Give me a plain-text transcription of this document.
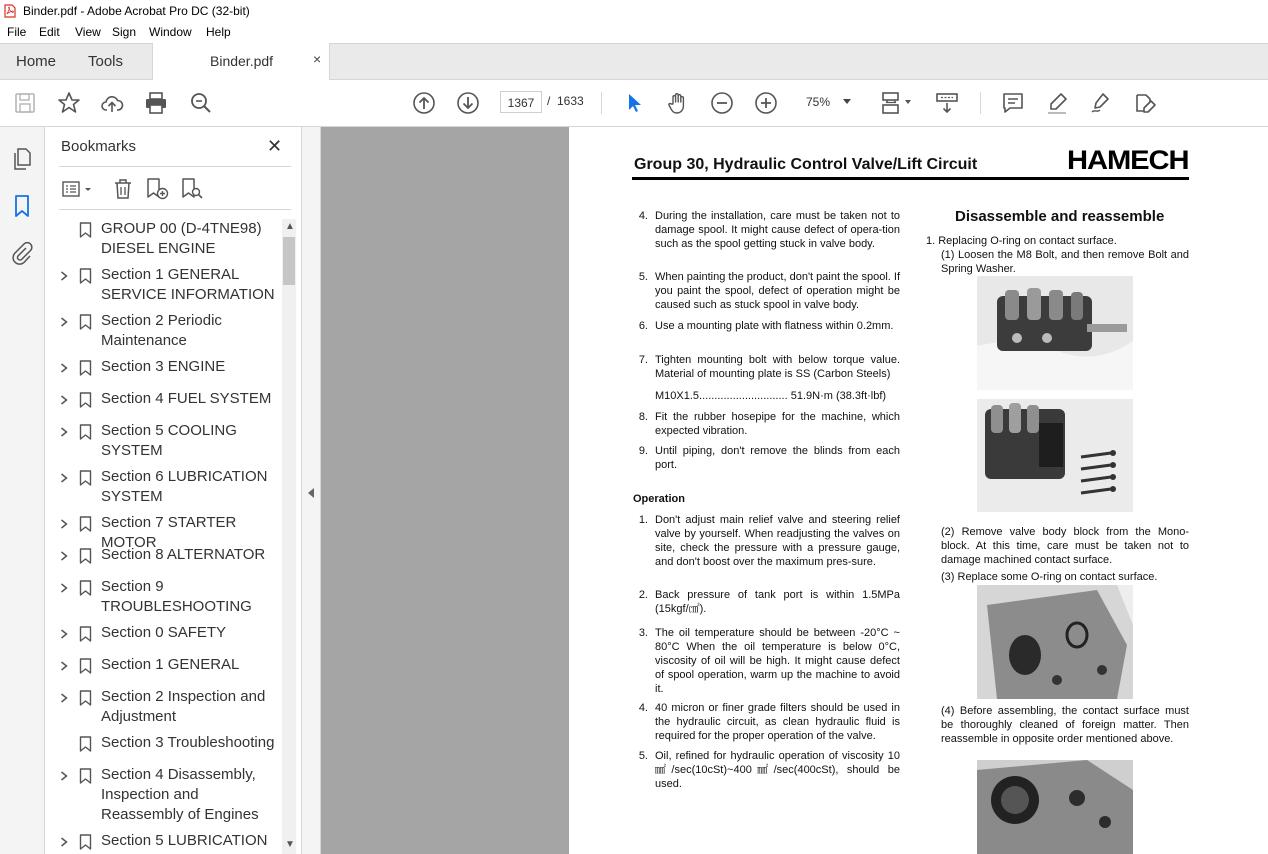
Binder.pdf - Adobe Acrobat Pro DC (32-bit)
File Edit View Sign Window Help
Home Tools	Binder.pdf	×
1367	/ 1633	75%
Bookmarks	✕
GROUP 00 (D-4TNE98) DIESEL ENGINE
Section 1 GENERAL SERVICE INFORMATION
Section 2 Periodic Maintenance
Section 3 ENGINE
Section 4 FUEL SYSTEM
Section 5 COOLING SYSTEM
Section 6 LUBRICATION SYSTEM
Section 7 STARTER MOTOR
Section 8 ALTERNATOR
Section 9 TROUBLESHOOTING
Section 0 SAFETY
Section 1 GENERAL
Section 2 Inspection and Adjustment
Section 3 Troubleshooting
Section 4 Disassembly, Inspection and Reassembly of Engines
Section 5 LUBRICATION
▲
▼
Group 30, Hydraulic Control Valve/Lift Circuit	HAMECH
4. During the installation, care must be taken not to damage spool. It might cause defect of opera-tion such as the spool getting stuck in valve body.
5. When painting the product, don't paint the spool. If you paint the spool, defect of operation might be caused such as stuck spool in valve body.
6. Use a mounting plate with flatness within 0.2mm.
7. Tighten mounting bolt with below torque value. Material of mounting plate is SS (Carbon Steels)
M10X1.5............................. 51.9N·m (38.3ft·lbf)
8. Fit the rubber hosepipe for the machine, which expected vibration.
9. Until piping, don't remove the blinds from each port.
Operation
1. Don't adjust main relief valve and steering relief valve by yourself. When readjusting the valves on site, check the pressure with a pressure gauge, and don't boost over the maximum pres-sure.
2. Back pressure of tank port is within 1.5MPa (15kgf/㎠).
3. The oil temperature should be between -20°C ~ 80°C When the oil temperature is below 0°C, viscosity of oil will be high. It might cause defect of spool operation, warm up the machine to avoid it.
4. 40 micron or finer grade filters should be used in the hydraulic circuit, as clean hydraulic fluid is required for the proper operation of the valve.
5. Oil, refined for hydraulic operation of viscosity 10㎟/sec(10cSt)~400㎟/sec(400cSt), should be used.
Disassemble and reassemble
1. Replacing O-ring on contact surface.
(1) Loosen the M8 Bolt, and then remove Bolt and Spring Washer.
(2) Remove valve body block from the Mono-block. At this time, care must be taken not to damage machined contact surface.
(3) Replace some O-ring on contact surface.
(4) Before assembling, the contact surface must be thoroughly cleaned of foreign matter. Then reassemble in opposite order mentioned above.
